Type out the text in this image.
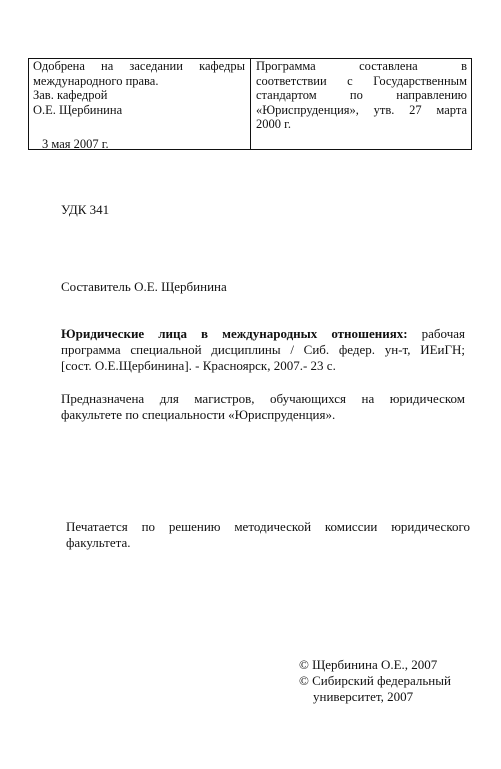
Одобрена на заседании кафедры
международного права.
Зав. кафедрой
О.Е. Щербинина
3 мая 2007 г.
Программа составлена в
соответствии с Государственным
стандартом по направлению
«Юриспруденция», утв. 27 марта
2000 г.
УДК 341
Составитель О.Е. Щербинина
Юридические лица в международных отношениях: рабочая
программа специальной дисциплины / Сиб. федер. ун-т, ИЕиГН;
[сост. О.Е.Щербинина]. - Красноярск, 2007.- 23 с.
Предназначена для магистров, обучающихся на юридическом
факультете по специальности «Юриспруденция».
Печатается по решению методической комиссии юридического
факультета.
© Щербинина О.Е., 2007
© Сибирский федеральный
университет, 2007
